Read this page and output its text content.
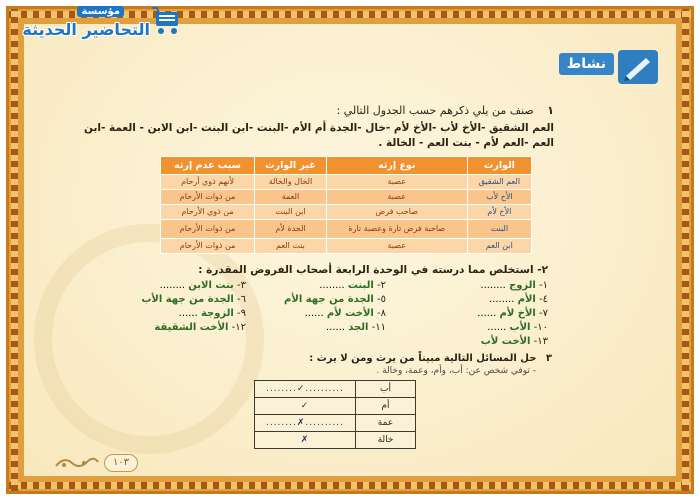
مؤسسة
التحاضير الحديثة
نشاط
١ صنف من يلي ذكرهم حسب الجدول التالي :
العم الشقيق -الأخ لأب -الأخ لأم -خال -الجدة أم الأم -البنت -ابن البنت -ابن الابن - العمة -ابن
العم -العم لأم - بنت العم - الخالة .
الوارث	نوع إرثه	غير الوارث	سبب عدم إرثه
العم الشقيق	عصبة	الخال والخالة	لأنهم ذوي أرحام
الأخ لأب	عصبة	العمة	من ذوات الأرحام
الأخ لأم	صاحب فرض	ابن البنت	من ذوي الأرحام
البنت	صاحبة فرض تارة وعصبة تارة	الجدة لأم	من ذوات الأرحام
ابن العم	عصبة	بنت العم	من ذوات الأرحام
٢- استخلص مما درسته في الوحدة الرابعة أصحاب الفروض المقدرة :
١- الزوج ........
٢- البنت ........
٣- بنت الابن ........
٤- الأم ........
٥- الجدة من جهة الأم
٦- الجدة من جهة الأب
٧- الأخ لأم ......
٨- الأخت لأم ......
٩- الزوجة ......
١٠- الأب ......
١١- الجد ......
١٢- الأخت الشقيقة
١٣- الأخت لأب
٣ حل المسائل التالية مبيناً من يرث ومن لا يرث :
- توفي شخص عن: أب، وأم، وعمة، وخالة .
أب	..........✓........
أم	✓
عمة	..........✗........
خالة	✗
١٠٣
